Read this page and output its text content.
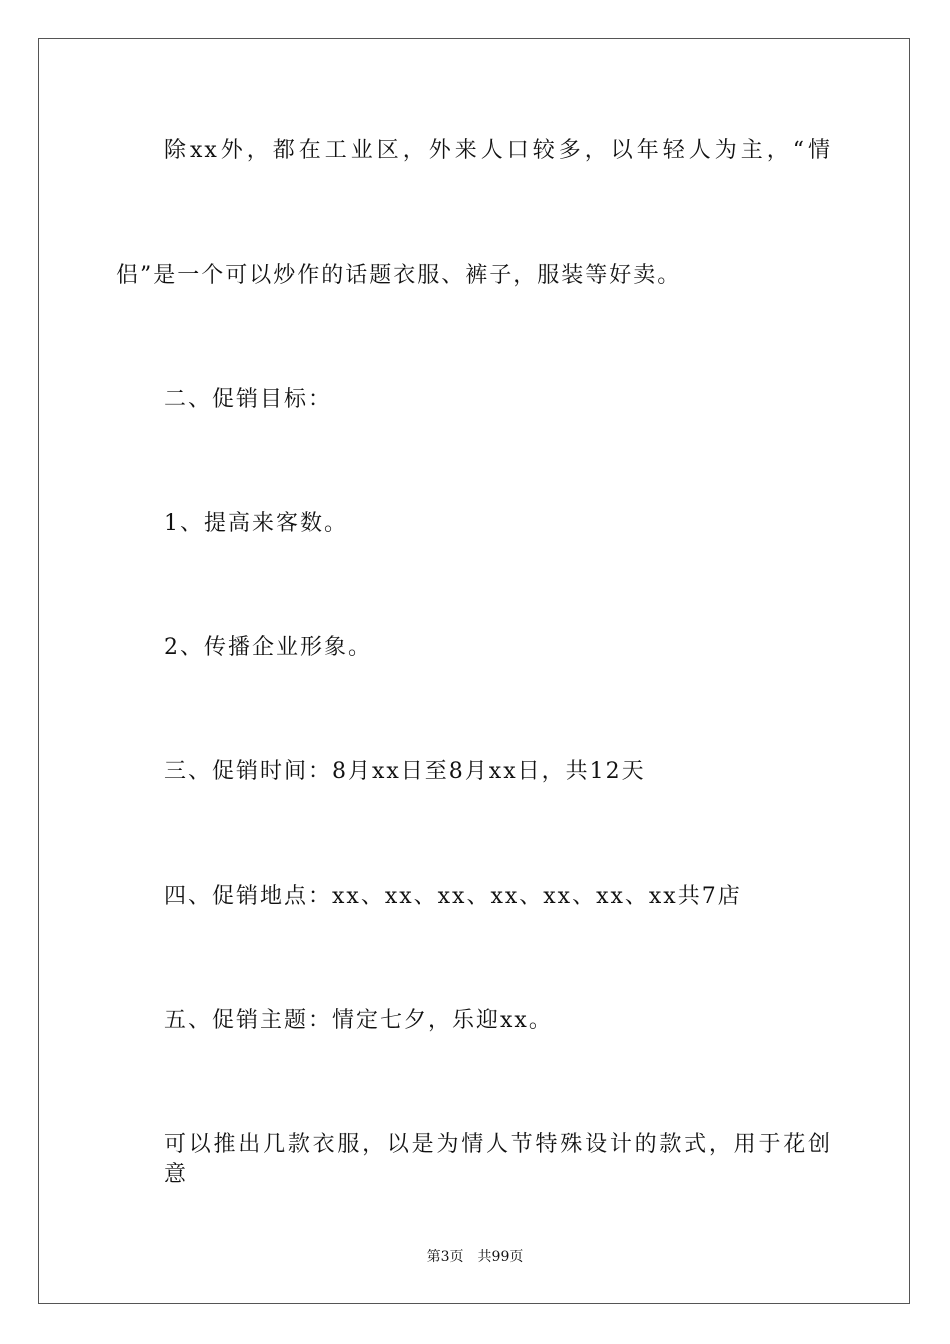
除xx外，都在工业区，外来人口较多，以年轻人为主，“情

侣”是一个可以炒作的话题衣服、裤子，服装等好卖。

二、促销目标：

1、提高来客数。

2、传播企业形象。

三、促销时间：8月xx日至8月xx日，共12天

四、促销地点：xx、xx、xx、xx、xx、xx、xx共7店

五、促销主题：情定七夕，乐迎xx。

可以推出几款衣服，以是为情人节特殊设计的款式，用于花创意

第3页 共99页
